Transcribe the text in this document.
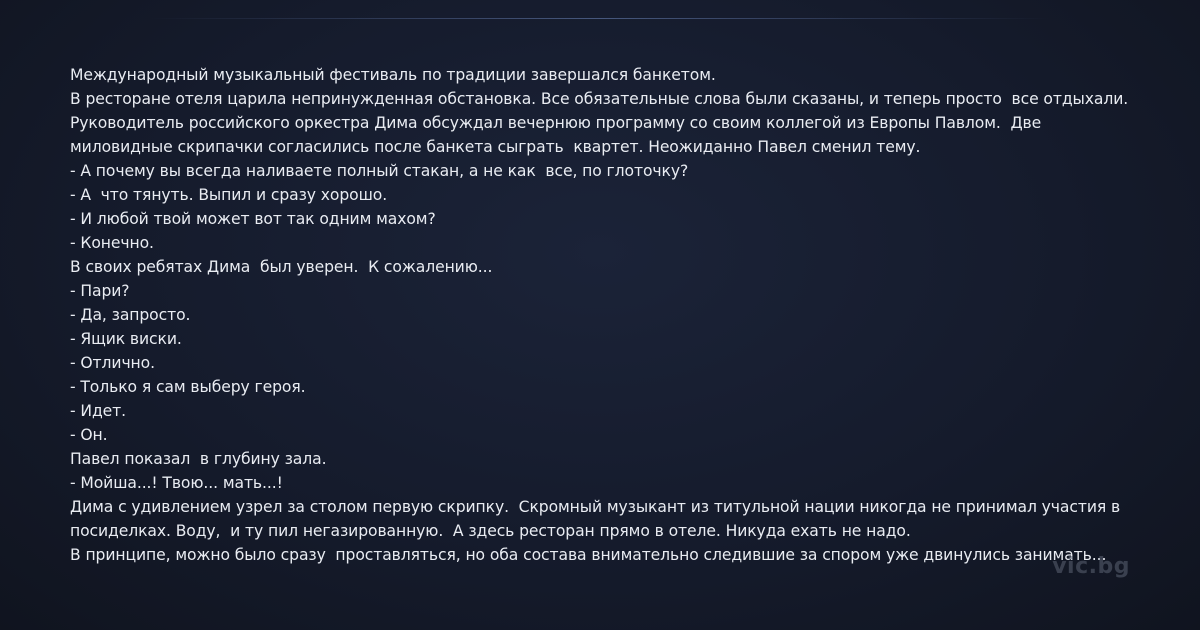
Международный музыкальный фестиваль по традиции завершался банкетом.
В ресторане отеля царила непринужденная обстановка. Все обязательные слова были сказаны, и теперь просто  все отдыхали.
Руководитель российского оркестра Дима обсуждал вечернюю программу со своим коллегой из Европы Павлом.  Две
миловидные скрипачки согласились после банкета сыграть  квартет. Неожиданно Павел сменил тему.
- А почему вы всегда наливаете полный стакан, а не как  все, по глоточку?
- А  что тянуть. Выпил и сразу хорошо.
- И любой твой может вот так одним махом?
- Конечно.
В своих ребятах Дима  был уверен.  К сожалению...
- Пари?
- Да, запросто.
- Ящик виски.
- Отлично.
- Только я сам выберу героя.
- Идет.
- Он.
Павел показал  в глубину зала.
- Мойша...! Твою... мать...!
Дима с удивлением узрел за столом первую скрипку.  Скромный музыкант из титульной нации никогда не принимал участия в
посиделках. Воду,  и ту пил негазированную.  А здесь ресторан прямо в отеле. Никуда ехать не надо.
В принципе, можно было сразу  проставляться, но оба состава внимательно следившие за спором уже двинулись занимать...
vic.bg
